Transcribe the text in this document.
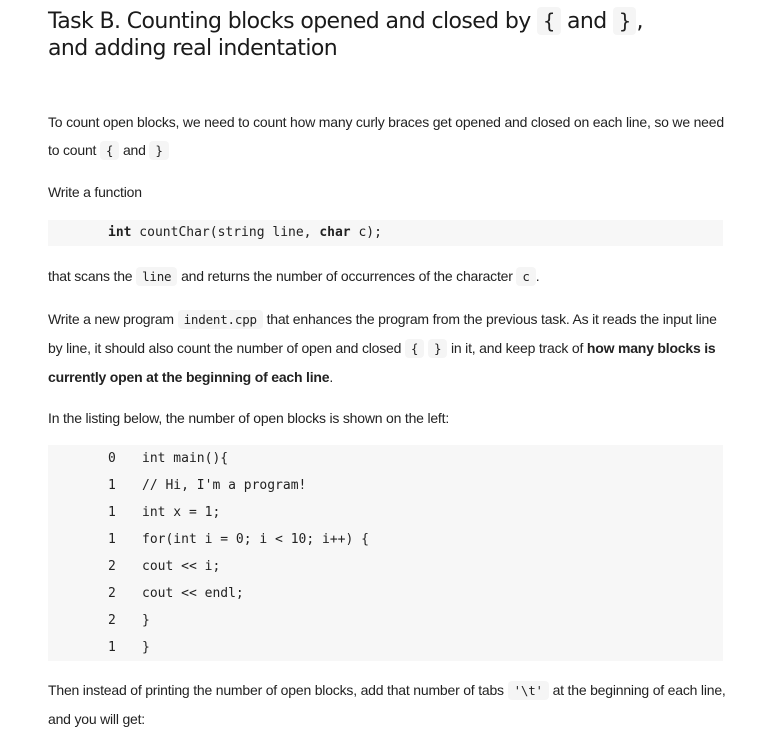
Task B. Counting blocks opened and closed by { and } ,
and adding real indentation

To count open blocks, we need to count how many curly braces get opened and closed on each line, so we need to count { and }

Write a function

int countChar(string line, char c);

that scans the line and returns the number of occurrences of the character c .

Write a new program indent.cpp that enhances the program from the previous task. As it reads the input line by line, it should also count the number of open and closed { } in it, and keep track of how many blocks is currently open at the beginning of each line.

In the listing below, the number of open blocks is shown on the left:

0 int main(){
1 // Hi, I'm a program!
1 int x = 1;
1 for(int i = 0; i < 10; i++) {
2 cout << i;
2 cout << endl;
2 }
1 }

Then instead of printing the number of open blocks, add that number of tabs '\t' at the beginning of each line, and you will get:
